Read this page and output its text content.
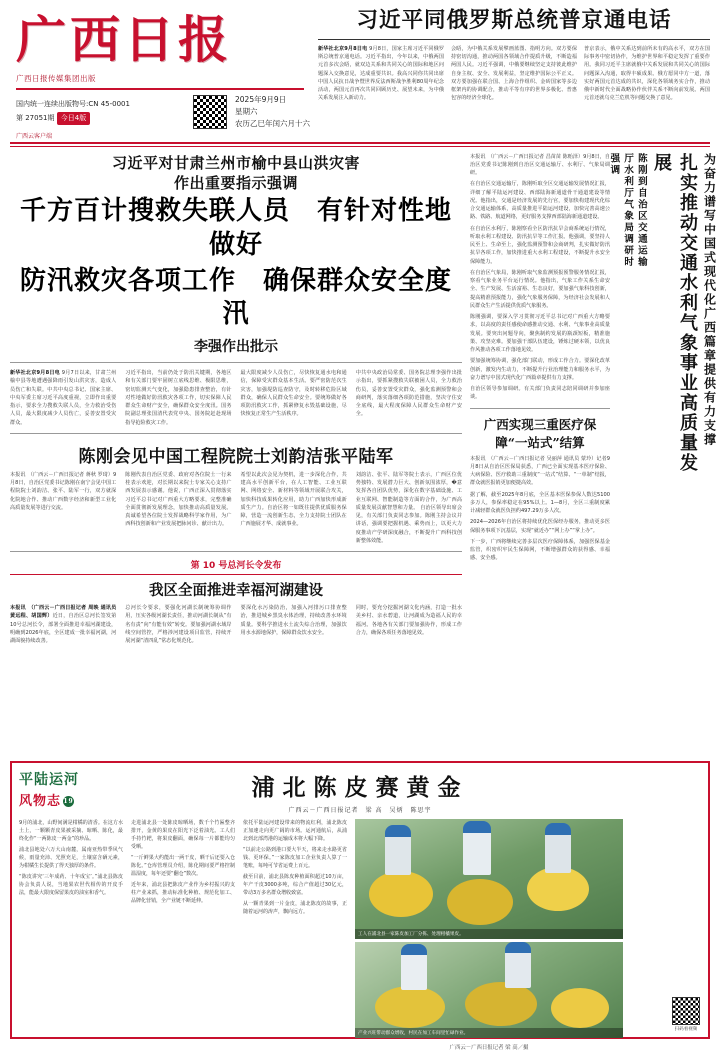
广西日报
广西日报传媒集团出版
国内统一连续出版物号:CN 45-0001
第 27051期 今日4版
2025年9月9日
星期六
农历乙巳年闰六月十六
广西云客户端
习近平同俄罗斯总统普京通电话
新华社北京9月8日电 9月8日，国家主席习近平同俄罗斯总统普京通电话。习近平指出，今年以来，中俄两国元首多次会晤，就双边关系和共同关心的国际和地区问题深入交换意见，达成重要共识。我高兴同你共同出席中国人民抗日战争暨世界反法西斯战争胜利80周年纪念活动，两国元首再次共同回顾历史、展望未来，为中俄关系发展注入新动力。
会晤，为中俄关系发展擘画蓝图、指明方向。双方要保持密切沟通，推动两国各领域合作提质升级，不断造福两国人民。习近平强调，中俄要继续坚定支持彼此维护自身主权、安全、发展利益，坚定维护国际公平正义。双方要加强在联合国、上海合作组织、金砖国家等多边框架内的协调配合，推动平等有序的世界多极化、普惠包容的经济全球化。
普京表示，俄中关系达到前所未有的高水平，双方在国际事务中密切协作，为维护世界和平稳定发挥了重要作用。我同习近平主席就俄中关系发展和共同关心的国际问题深入沟通，取得丰硕成果。俄方愿同中方一道，落实好两国元首达成的共识，深化各领域务实合作，推动俄中新时代全面战略协作伙伴关系不断向前发展。两国元首还就乌克兰危机等问题交换了意见。
习近平对甘肃兰州市榆中县山洪灾害
作出重要指示强调
千方百计搜救失联人员　有针对性地做好
防汛救灾各项工作　确保群众安全度汛
李强作出批示
新华社北京9月8日电 9月7日以来，甘肃兰州榆中县等地遭遇强降雨引发山洪灾害，造成人员伤亡和失联。中共中央总书记、国家主席、中央军委主席习近平高度重视，立即作出重要指示，要求全力搜救失联人员，全力救治受伤人员，最大限度减少人员伤亡，妥善安置受灾群众。
习近平指出，当前仍处于防汛关键期，各地区和有关部门要牢固树立底线思维、极限思维，密切监测天气变化，加强隐患排查整治，有针对性地做好防汛救灾各项工作，切实保障人民群众生命财产安全，确保群众安全度汛。国务院副总理张国清代表党中央、国务院赶赴现场指导抢险救灾工作。
最大限度减少人员伤亡，尽快恢复通水电和通信，保障受灾群众基本生活。要严密防范次生灾害，加强堤防巡查防守，及时转移危险区域群众，确保人民群众生命安全。要统筹做好各项防汛救灾工作，抓紧修复水毁基础设施，尽快恢复正常生产生活秩序。
中共中央政治局常委、国务院总理李强作出批示指出，要抓紧搜救失联被困人员，全力救治伤员，妥善安置受灾群众，强化监测预警和会商研判，落实落细各项防范措施，坚决守住安全底线，最大程度保障人民群众生命财产安全。
陈刚会见中国工程院院士刘韵洁张平陆军
本报讯　（广西云－广西日报记者 蒋秋 罗琦）9月8日，自治区党委书记陈刚在南宁会见中国工程院院士刘韵洁、张平、陆军一行，双方就深化院地合作、推动广西数字经济和新型工业化高质量发展等进行交流。
陈刚代表自治区党委、政府对各位院士一行来桂表示欢迎，对长期以来院士专家关心支持广西发展表示感谢。他说，广西正深入贯彻落实习近平总书记对广西重大方略要求，完整准确全面贯彻新发展理念，加快推动高质量发展。真诚希望各位院士发挥战略科学家作用，为广西科技创新和产业发展把脉问诊、献计出力。
希望以此次会见为契机，进一步深化合作，共建高水平创新平台，在人工智能、工业互联网、网络安全、新材料等领域开展联合攻关，加快科技成果转化应用，助力广西加快形成新质生产力。自治区将一如既往提供优质服务保障，营造一流创新生态，全力支持院士团队在广西施展才华、成就事业。
刘韵洁、张平、陆军等院士表示，广西区位优势独特、发展潜力巨大、创新氛围浓厚，�意发挥各自团队优势，深化在数字基础设施、工业互联网、智能制造等方面的合作，为广西高质量发展贡献智慧和力量。 自治区领导出席会见，有关部门负责同志参加。陈刚主持会议并讲话，强调要把握机遇、乘势而上，以更大力度推动产学研深度融合，不断提升广西科技创新整体效能。
第 10 号总河长令发布
我区全面推进幸福河湖建设
本报讯　（广西云－广西日报记者 周映 通讯员黄远程、胡国辉）近日，自治区总河长签发第10号总河长令，部署全面推进幸福河湖建设，明确到2026年底，全区建成一批幸福河湖，河湖面貌持续改善。
总河长令要求，要强化河湖长制统筹协调作用，压实各级河湖长责任，推动河湖长制从“有名有责”向“有能有效”转变。要加强河湖水域岸线空间管控，严格涉河建设项目监管，持续开展河湖“清四乱”常态化规范化。
要深化水污染防治，加强入河排污口排查整治，推进城乡黑臭水体治理，持续改善水环境质量。要科学推进水土流失综合治理，加强饮用水水源地保护，保障群众饮水安全。
同时，要充分挖掘河湖文化内涵，打造一批水美乡村、亲水碧道，让河湖成为造福人民的幸福河。各地各有关部门要加强协作，形成工作合力，确保各项任务落地见效。

本报讯　（广西云－广西日报记者 昌苗苗 陈贻泽）9月8日，自治区党委书记陈刚到自治区交通运输厅、水利厅、气象局调研。

在自治区交通运输厅，陈刚听取全区交通运输发展情况汇报，详细了解平陆运河建设、西部陆海新通道骨干通道建设等情况。他指出，交通是经济发展的先行官，要加快构建现代化综合交通运输体系，高质量推进平陆运河建设，加快完善高速公路、铁路、航道网络，更好服务支撑西部陆海新通道建设。

在自治区水利厅，陈刚察看全区防汛抗旱会商系统运行情况，听取水利工程建设、防汛抗旱等工作汇报。他强调，要坚持人民至上、生命至上，强化监测预警和会商研判，扎实做好防汛抗旱各项工作，加快推进重大水利工程建设，不断提升水安全保障能力。

在自治区气象局，陈刚听取气象监测预报预警服务情况汇报，察看气象业务平台运行情况。他指出，气象工作关系生命安全、生产发展、生活富裕、生态良好，要加强气象科技创新，提高精准预报能力，强化气象服务保障，为经济社会发展和人民群众生产生活提供优质气象服务。

陈刚强调，要深入学习贯彻习近平总书记对广西重大方略要求，以高度的责任感使命感推动交通、水利、气象事业高质量发展。要突出问题导向，聚焦制约发展的瓶颈短板，精准施策、攻坚克难。要加强干部队伍建设，锤炼过硬本领，以优良作风推动各项工作落地见效。

要加强统筹协调，强化部门联动，形成工作合力。要深化改革创新，激发内生动力，不断提升行业治理能力和服务水平，为奋力谱写中国式现代化广西篇章提供有力支撑。

自治区领导参加调研。有关部门负责同志陪同调研并参加座谈。

广西实现三重医疗保障“一站式”结算

本报讯　（广西云－广西日报记者 吴丽萍 通讯员 蒙玲）记者9月8日从自治区医保局获悉，广西已全面实现基本医疗保险、大病保险、医疗救助三重制度“一站式”结算、“一单制”结报，群众就医报销更加便捷高效。

据了解，截至2025年8月底，全区基本医保参保人数达5100多万人，参保率稳定在95%以上。1—8月，全区三重制度累计减轻群众就医负担约497.29万多人次。

2024—2026年自治区将持续优化医保经办服务，推动更多医保服务事项下沉基层，实现“就近办”“网上办”“掌上办”。

下一步，广西将继续完善多层次医疗保障体系，加强医保基金监管，织密织牢民生保障网，不断增强群众的获得感、幸福感、安全感。

陈刚到自治区交通运输厅水利厅气象局调研时强调	扎实推动交通水利气象事业高质量发展	为奋力谱写中国式现代化广西篇章提供有力支撑
平陆运河
风物志 19
浦北陈皮赛黄金
广西云－广西日报记者　梁 高　吴炳　陈思宇

9月的浦北，山野间满是柑橘的清香。在这方水土上，一颗颗青皮果被采摘、晾晒、陈化，最终化作“一两陈皮一两金”的珍品。

浦北县地处六万大山南麓，属南亚热带季风气候，雨量充沛、光照充足，土壤富含硒元素，为柑橘生长提供了得天独厚的条件。

“陈皮讲究‘三年成药、十年成宝’。”浦北县陈皮协会负责人说，当地果农世代相传的开皮手法，能最大限度保留果皮的油室和香气。

走进浦北县一处陈皮晾晒场，数千个竹匾整齐排开，金黄的果皮在阳光下泛着油光。工人们手持竹耙，将果皮翻面，确保每一片都能均匀受晒。

“一斤鲜果大约能出一两干皮，晒干后还要入仓陈化。”仓库管理员介绍，陈化期间要严格控制温湿度，每年还要“翻仓”数次。

近年来，浦北县把陈皮产业作为乡村振兴的支柱产业来抓，推动标准化种植、规范化加工、品牌化营销，全产业链不断延伸。

依托平陆运河建设带来的物流红利，浦北陈皮正加速走向更广阔的市场。运河通航后，从浦北到北部湾港的运输成本将大幅下降。

“以前走公路到港口要大半天，将来走水路更省钱、更环保。”一家陈皮加工企业负责人算了一笔账，每吨可节省运费上百元。

截至目前，浦北县陈皮种植面积超过10万亩，年产干皮3000多吨，综合产值超过30亿元，带动3万多名群众增收致富。

从一颗青果到一片金皮，浦北陈皮的故事，正随着运河的涛声，飘向远方。

工人在浦北县一家陈皮加工厂分拣、处理柑橘果皮。
产业兴旺带动群众增收，村民在加工车间里忙碌作业。
广西云－广西日报记者 梁 高／摄
扫码看视频
